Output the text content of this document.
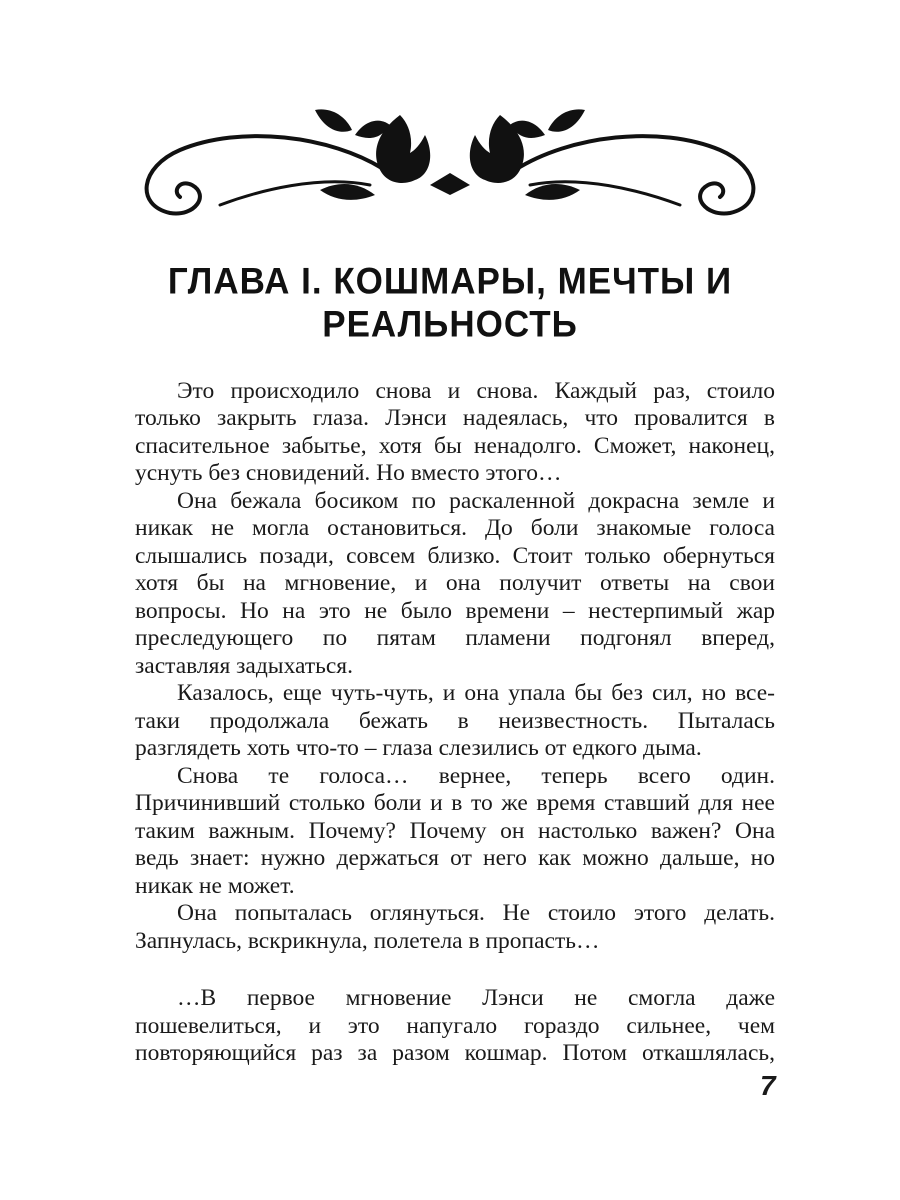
ГЛАВА I. КОШМАРЫ, МЕЧТЫ И
РЕАЛЬНОСТЬ
Это происходило снова и снова. Каждый раз, стоило
только закрыть глаза. Лэнси надеялась, что провалится в
спасительное забытье, хотя бы ненадолго. Сможет, наконец,
уснуть без сновидений. Но вместо этого…
Она бежала босиком по раскаленной докрасна земле и
никак не могла остановиться. До боли знакомые голоса
слышались позади, совсем близко. Стоит только обернуться
хотя бы на мгновение, и она получит ответы на свои
вопросы. Но на это не было времени – нестерпимый жар
преследующего по пятам пламени подгонял вперед,
заставляя задыхаться.
Казалось, еще чуть-чуть, и она упала бы без сил, но все-
таки продолжала бежать в неизвестность. Пыталась
разглядеть хоть что-то – глаза слезились от едкого дыма.
Снова те голоса… вернее, теперь всего один.
Причинивший столько боли и в то же время ставший для нее
таким важным. Почему? Почему он настолько важен? Она
ведь знает: нужно держаться от него как можно дальше, но
никак не может.
Она попыталась оглянуться. Не стоило этого делать.
Запнулась, вскрикнула, полетела в пропасть…
…В первое мгновение Лэнси не смогла даже
пошевелиться, и это напугало гораздо сильнее, чем
повторяющийся раз за разом кошмар. Потом откашлялась,
7
